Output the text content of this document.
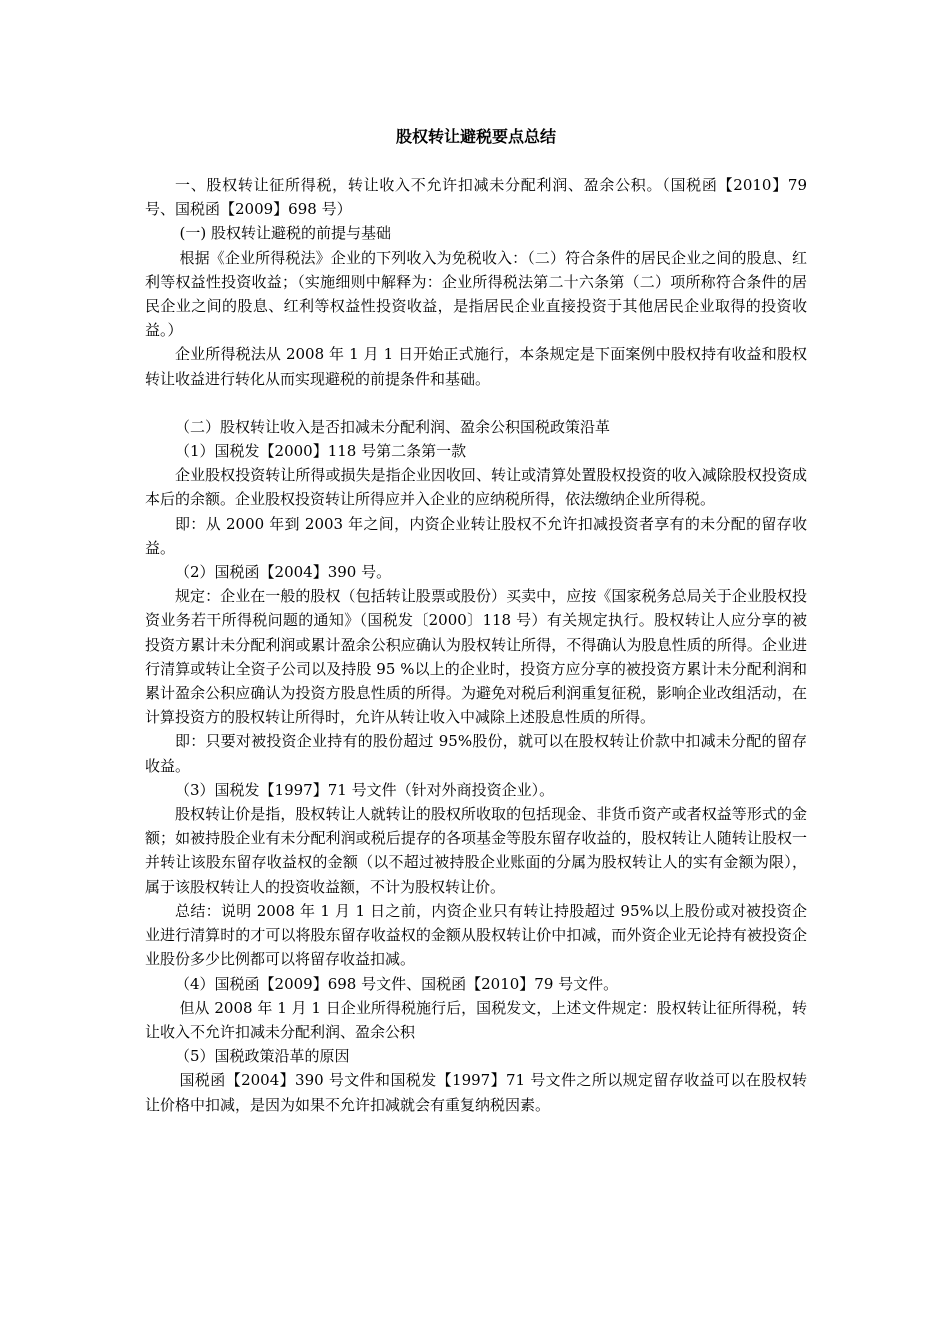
股权转让避税要点总结

一、股权转让征所得税，转让收入不允许扣减未分配利润、盈余公积。（国税函【2010】79 号、国税函【2009】698 号）

(一) 股权转让避税的前提与基础

根据《企业所得税法》企业的下列收入为免税收入：（二）符合条件的居民企业之间的股息、红利等权益性投资收益；（实施细则中解释为：企业所得税法第二十六条第（二）项所称符合条件的居民企业之间的股息、红利等权益性投资收益，是指居民企业直接投资于其他居民企业取得的投资收益。）

企业所得税法从 2008 年 1 月 1 日开始正式施行，本条规定是下面案例中股权持有收益和股权转让收益进行转化从而实现避税的前提条件和基础。

（二）股权转让收入是否扣减未分配利润、盈余公积国税政策沿革

（1）国税发【2000】118 号第二条第一款

企业股权投资转让所得或损失是指企业因收回、转让或清算处置股权投资的收入减除股权投资成本后的余额。企业股权投资转让所得应并入企业的应纳税所得，依法缴纳企业所得税。

即：从 2000 年到 2003 年之间，内资企业转让股权不允许扣减投资者享有的未分配的留存收益。

（2）国税函【2004】390 号。

规定：企业在一般的股权（包括转让股票或股份）买卖中，应按《国家税务总局关于企业股权投资业务若干所得税问题的通知》（国税发〔2000〕118 号）有关规定执行。股权转让人应分享的被投资方累计未分配利润或累计盈余公积应确认为股权转让所得，不得确认为股息性质的所得。企业进行清算或转让全资子公司以及持股 95 %以上的企业时，投资方应分享的被投资方累计未分配利润和累计盈余公积应确认为投资方股息性质的所得。为避免对税后利润重复征税，影响企业改组活动，在计算投资方的股权转让所得时，允许从转让收入中减除上述股息性质的所得。

即：只要对被投资企业持有的股份超过 95%股份，就可以在股权转让价款中扣减未分配的留存收益。

（3）国税发【1997】71 号文件（针对外商投资企业）。

股权转让价是指，股权转让人就转让的股权所收取的包括现金、非货币资产或者权益等形式的金额；如被持股企业有未分配利润或税后提存的各项基金等股东留存收益的，股权转让人随转让股权一并转让该股东留存收益权的金额（以不超过被持股企业账面的分属为股权转让人的实有金额为限），属于该股权转让人的投资收益额，不计为股权转让价。

总结：说明 2008 年 1 月 1 日之前，内资企业只有转让持股超过 95%以上股份或对被投资企业进行清算时的才可以将股东留存收益权的金额从股权转让价中扣减，而外资企业无论持有被投资企业股份多少比例都可以将留存收益扣减。

（4）国税函【2009】698 号文件、国税函【2010】79 号文件。

但从 2008 年 1 月 1 日企业所得税施行后，国税发文，上述文件规定：股权转让征所得税，转让收入不允许扣减未分配利润、盈余公积

（5）国税政策沿革的原因

国税函【2004】390 号文件和国税发【1997】71 号文件之所以规定留存收益可以在股权转让价格中扣减，是因为如果不允许扣减就会有重复纳税因素。
